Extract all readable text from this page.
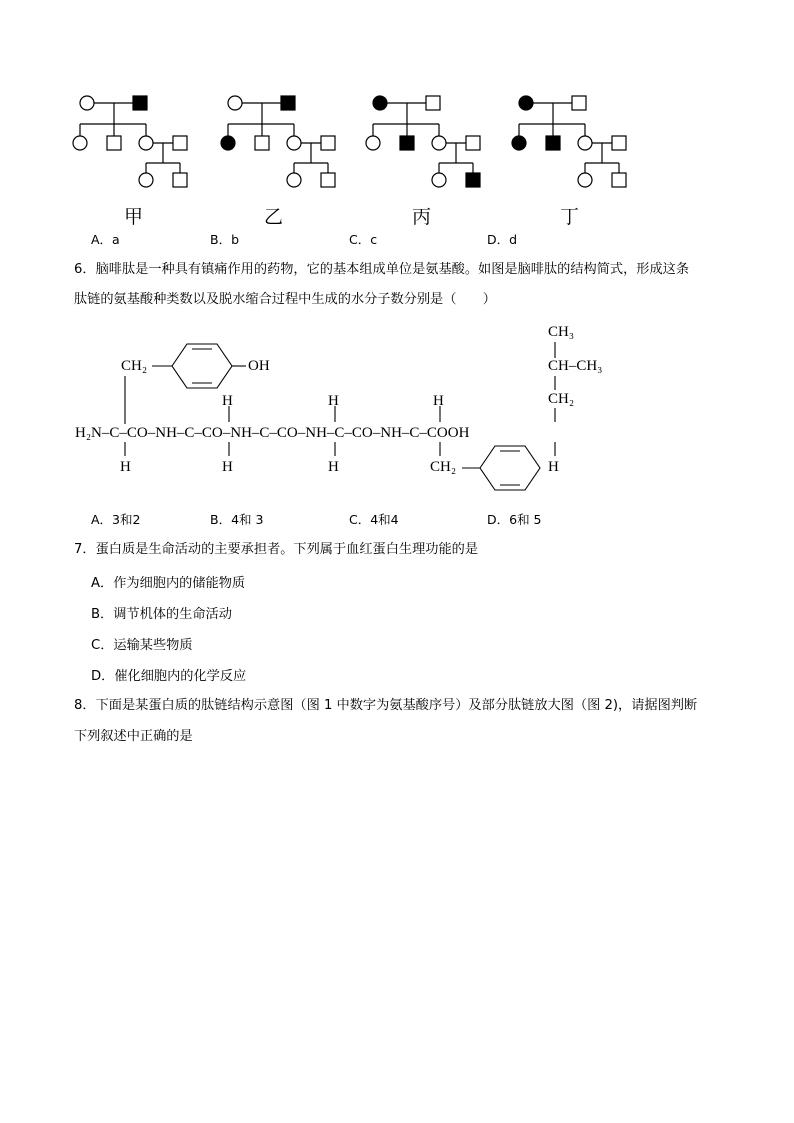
甲	乙	丙	丁
A．a	B．b	C．c	D．d
6．脑啡肽是一种具有镇痛作用的药物，它的基本组成单位是氨基酸。如图是脑啡肽的结构简式，形成这条
肽链的氨基酸种类数以及脱水缩合过程中生成的水分子数分别是（　　）
CH₂	OH
H	H	H
CH₃
CH–CH₃
CH₂
H₂N–C–CO–NH–C–CO–NH–C–CO–NH–C–CO–NH–C–COOH
H	H	H	CH₂	H
A．3和2	B．4和 3	C．4和4	D．6和 5
7．蛋白质是生命活动的主要承担者。下列属于血红蛋白生理功能的是
A．作为细胞内的储能物质
B．调节机体的生命活动
C．运输某些物质
D．催化细胞内的化学反应
8．下面是某蛋白质的肽链结构示意图（图 1 中数字为氨基酸序号）及部分肽链放大图（图 2)，请据图判断
下列叙述中正确的是
